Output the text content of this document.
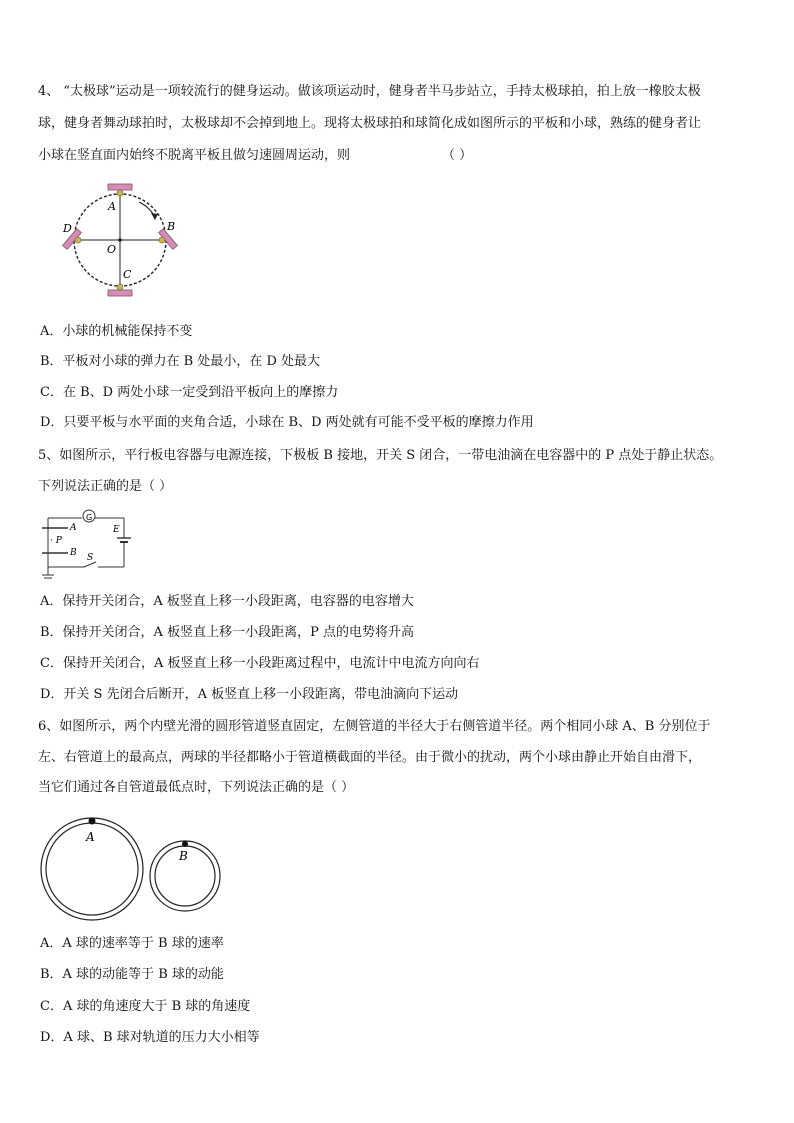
4、 “太极球”运动是一项较流行的健身运动。做该项运动时，健身者半马步站立，手持太极球拍，拍上放一橡胶太极
球，健身者舞动球拍时，太极球却不会掉到地上。现将太极球拍和球简化成如图所示的平板和小球，熟练的健身者让
小球在竖直面内始终不脱离平板且做匀速圆周运动，则	（ ）
A
B
C
D
O
A．小球的机械能保持不变
B．平板对小球的弹力在 B 处最小，在 D 处最大
C．在 B、D 两处小球一定受到沿平板向上的摩擦力
D．只要平板与水平面的夹角合适，小球在 B、D 两处就有可能不受平板的摩擦力作用
5、如图所示，平行板电容器与电源连接，下极板 B 接地，开关 S 闭合，一带电油滴在电容器中的 P 点处于静止状态。
下列说法正确的是（ ）
G
A
· P
B S
E
A．保持开关闭合，A 板竖直上移一小段距离，电容器的电容增大
B．保持开关闭合，A 板竖直上移一小段距离，P 点的电势将升高
C．保持开关闭合，A 板竖直上移一小段距离过程中，电流计中电流方向向右
D．开关 S 先闭合后断开，A 板竖直上移一小段距离，带电油滴向下运动
6、如图所示，两个内壁光滑的圆形管道竖直固定，左侧管道的半径大于右侧管道半径。两个相同小球 A、B 分别位于
左、右管道上的最高点，两球的半径都略小于管道横截面的半径。由于微小的扰动，两个小球由静止开始自由滑下，
当它们通过各自管道最低点时，下列说法正确的是（ ）
A
B
A．A 球的速率等于 B 球的速率
B．A 球的动能等于 B 球的动能
C．A 球的角速度大于 B 球的角速度
D．A 球、B 球对轨道的压力大小相等
